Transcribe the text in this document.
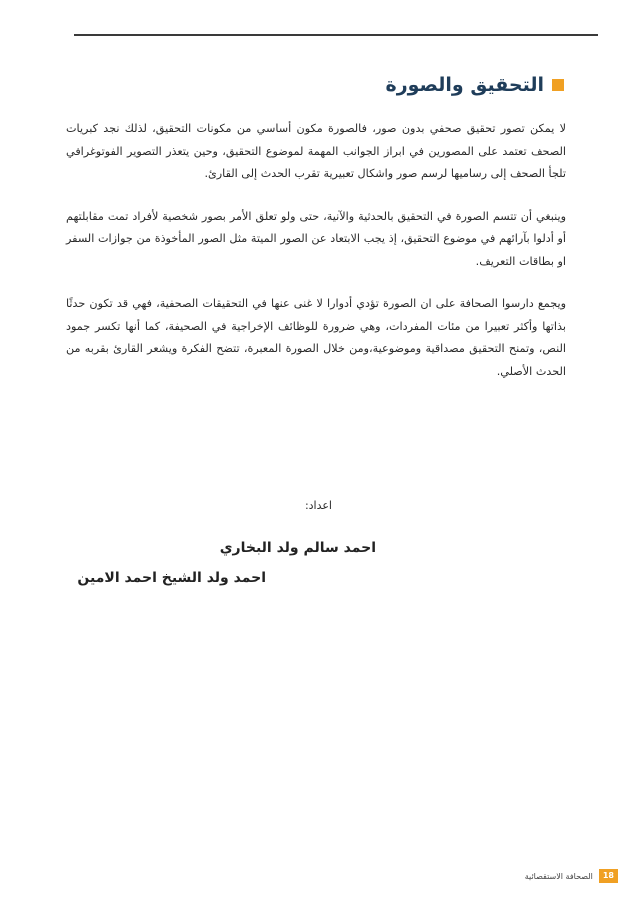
التحقيق والصورة

لا يمكن تصور تحقيق صحفي بدون صور، فالصورة مكون أساسي من مكونات التحقيق، لذلك نجد كبريات الصحف تعتمد على المصورين في ابراز الجوانب المهمة لموضوع التحقيق، وحين يتعذر التصوير الفوتوغرافي تلجأ الصحف إلى رساميها لرسم صور واشكال تعبيرية تقرب الحدث إلى القارئ.

وينبغي أن تتسم الصورة في التحقيق بالحدثية والآنية، حتى ولو تعلق الأمر بصور شخصية لأفراد تمت مقابلتهم أو أدلوا بآرائهم في موضوع التحقيق، إذ يجب الابتعاد عن الصور الميتة مثل الصور المأخوذة من جوازات السفر او بطاقات التعريف.

ويجمع دارسوا الصحافة على ان الصورة تؤدي أدوارا لا غنى عنها في التحقيقات الصحفية، فهي قد تكون حدثًا بذاتها وأكثر تعبيرا من مئات المفردات، وهي ضرورة للوظائف الإخراجية في الصحيفة، كما أنها تكسر جمود النص، وتمنح التحقيق مصداقية وموضوعية،ومن خلال الصورة المعبرة، تتضح الفكرة ويشعر القارئ بقربه من الحدث الأصلي.

اعداد:
احمد سالم ولد البخاري
احمد ولد الشيخ احمد الامين
18
الصحافة الاستقصائية
